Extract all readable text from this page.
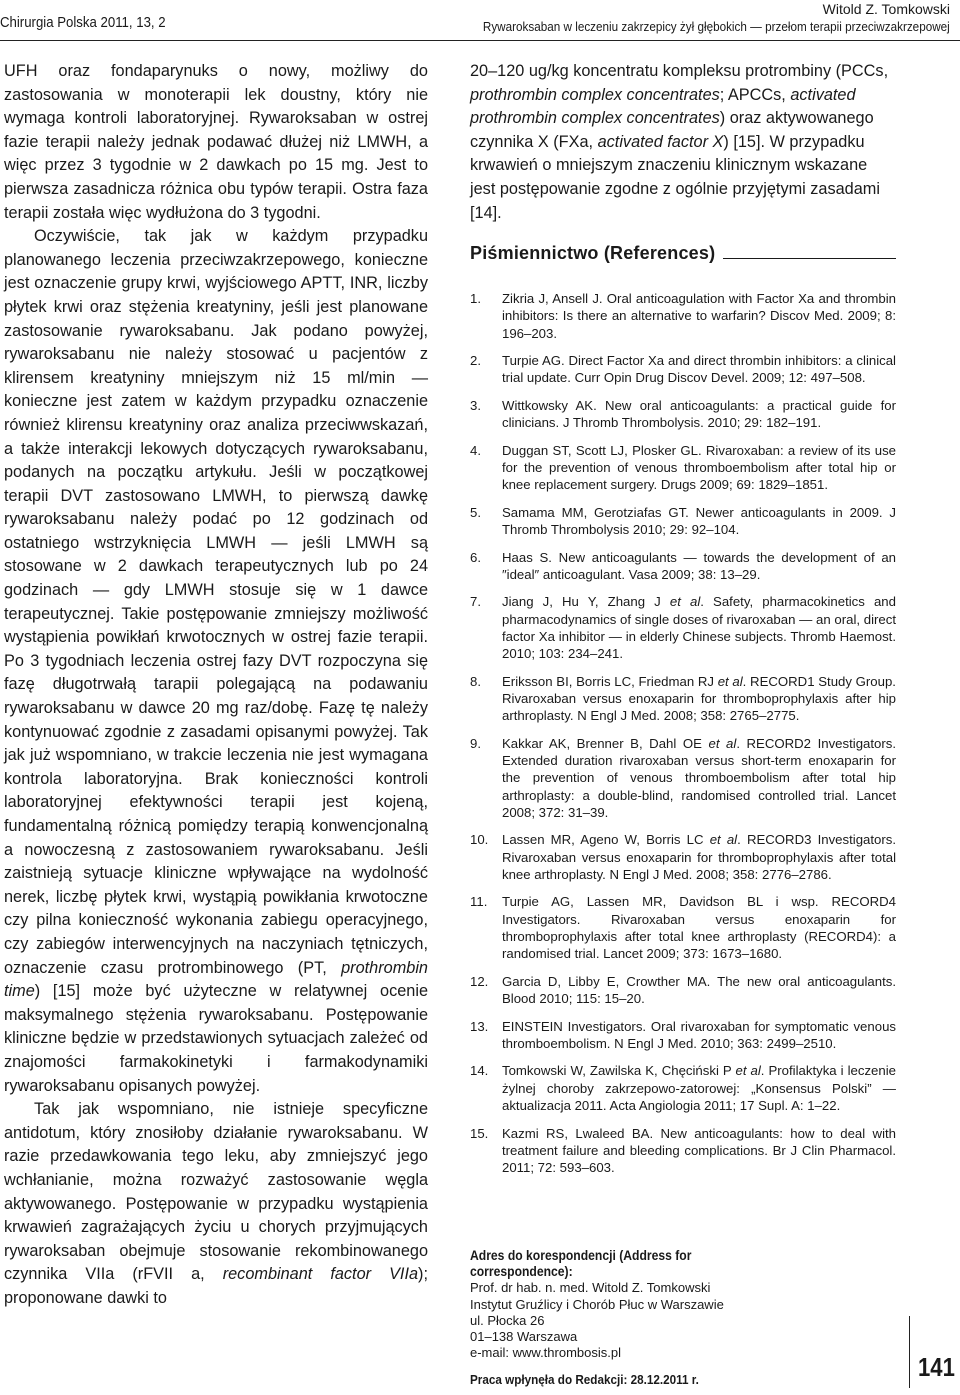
Chirurgia Polska 2011, 13, 2
Witold Z. Tomkowski

Rywaroksaban w leczeniu zakrzepicy żył głębokich — przełom terapii przeciwzakrzepowej

UFH oraz fondaparynuks o nowy, możliwy do zastosowania w monoterapii lek doustny, który nie wymaga kontroli laboratoryjnej. Rywaroksaban w ostrej fazie terapii należy jednak podawać dłużej niż LMWH, a więc przez 3 tygodnie w 2 dawkach po 15 mg. Jest to pierwsza zasadnicza różnica obu typów terapii. Ostra faza terapii została więc wydłużona do 3 tygodni.

Oczywiście, tak jak w każdym przypadku planowanego leczenia przeciwzakrzepowego, konieczne jest oznaczenie grupy krwi, wyjściowego APTT, INR, liczby płytek krwi oraz stężenia kreatyniny, jeśli jest planowane zastosowanie rywaroksabanu. Jak podano powyżej, rywaroksabanu nie należy stosować u pacjentów z klirensem kreatyniny mniejszym niż 15 ml/min — konieczne jest zatem w każdym przypadku oznaczenie również klirensu kreatyniny oraz analiza przeciwwskazań, a także interakcji lekowych dotyczących rywaroksabanu, podanych na początku artykułu. Jeśli w początkowej terapii DVT zastosowano LMWH, to pierwszą dawkę rywaroksabanu należy podać po 12 godzinach od ostatniego wstrzyknięcia LMWH — jeśli LMWH są stosowane w 2 dawkach terapeutycznych lub po 24 godzinach — gdy LMWH stosuje się w 1 dawce terapeutycznej. Takie postępowanie zmniejszy możliwość wystąpienia powikłań krwotocznych w ostrej fazie terapii. Po 3 tygodniach leczenia ostrej fazy DVT rozpoczyna się fazę długotrwałą tarapii polegającą na podawaniu rywaroksabanu w dawce 20 mg raz/dobę. Fazę tę należy kontynuować zgodnie z zasadami opisanymi powyżej. Tak jak już wspomniano, w trakcie leczenia nie jest wymagana kontrola laboratoryjna. Brak konieczności kontroli laboratoryjnej efektywności terapii jest kojeną, fundamentalną różnicą pomiędzy terapią konwencjonalną a nowoczesną z zastosowaniem rywaroksabanu. Jeśli zaistnieją sytuacje kliniczne wpływające na wydolność nerek, liczbę płytek krwi, wystąpią powikłania krwotoczne czy pilna konieczność wykonania zabiegu operacyjnego, czy zabiegów interwencyjnych na naczyniach tętniczych, oznaczenie czasu protrombinowego (PT, prothrombin time) [15] może być użyteczne w relatywnej ocenie maksymalnego stężenia rywaroksabanu. Postępowanie kliniczne będzie w przedstawionych sytuacjach zależeć od znajomości farmakokinetyki i farmakodynamiki rywaroksabanu opisanych powyżej.

Tak jak wspomniano, nie istnieje specyficzne antidotum, który znosiłoby działanie rywaroksabanu. W razie przedawkowania tego leku, aby zmniejszyć jego wchłanianie, można rozważyć zastosowanie węgla aktywowanego. Postępowanie w przypadku wystąpienia krwawień zagrażających życiu u chorych przyjmujących rywaroksaban obejmuje stosowanie rekombinowanego czynnika VIIa (rFVII a, recombinant factor VIIa); proponowane dawki to

20–120 ug/kg koncentratu kompleksu protrombiny (PCCs, prothrombin complex concentrates; APCCs, activated prothrombin complex concentrates) oraz aktywowanego czynnika X (FXa, activated factor X) [15]. W przypadku krwawień o mniejszym znaczeniu klinicznym wskazane jest postępowanie zgodne z ogólnie przyjętymi zasadami [14].

Piśmiennictwo (References)
1.	Zikria J, Ansell J. Oral anticoagulation with Factor Xa and thrombin inhibitors: Is there an alternative to warfarin? Discov Med. 2009; 8: 196–203.
2.	Turpie AG. Direct Factor Xa and direct thrombin inhibitors: a clinical trial update. Curr Opin Drug Discov Devel. 2009; 12: 497–508.
3.	Wittkowsky AK. New oral anticoagulants: a practical guide for clinicians. J Thromb Thrombolysis. 2010; 29: 182–191.
4.	Duggan ST, Scott LJ, Plosker GL. Rivaroxaban: a review of its use for the prevention of venous thromboembolism after total hip or knee replacement surgery. Drugs 2009; 69: 1829–1851.
5.	Samama MM, Gerotziafas GT. Newer anticoagulants in 2009. J Thromb Thrombolysis 2010; 29: 92–104.
6.	Haas S. New anticoagulants — towards the development of an ″ideal″ anticoagulant. Vasa 2009; 38: 13–29.
7.	Jiang J, Hu Y, Zhang J et al. Safety, pharmacokinetics and pharmacodynamics of single doses of rivaroxaban — an oral, direct factor Xa inhibitor — in elderly Chinese subjects. Thromb Haemost. 2010; 103: 234–241.
8.	Eriksson BI, Borris LC, Friedman RJ et al. RECORD1 Study Group. Rivaroxaban versus enoxaparin for thromboprophylaxis after hip arthroplasty. N Engl J Med. 2008; 358: 2765–2775.
9.	Kakkar AK, Brenner B, Dahl OE et al. RECORD2 Investigators. Extended duration rivaroxaban versus short-term enoxaparin for the prevention of venous thromboembolism after total hip arthroplasty: a double-blind, randomised controlled trial. Lancet 2008; 372: 31–39.
10.	Lassen MR, Ageno W, Borris LC et al. RECORD3 Investigators. Rivaroxaban versus enoxaparin for thromboprophylaxis after total knee arthroplasty. N Engl J Med. 2008; 358: 2776–2786.
11.	Turpie AG, Lassen MR, Davidson BL i wsp. RECORD4 Investigators. Rivaroxaban versus enoxaparin for thromboprophylaxis after total knee arthroplasty (RECORD4): a randomised trial. Lancet 2009; 373: 1673–1680.
12.	Garcia D, Libby E, Crowther MA. The new oral anticoagulants. Blood 2010; 115: 15–20.
13.	EINSTEIN Investigators. Oral rivaroxaban for symptomatic venous thromboembolism. N Engl J Med. 2010; 363: 2499–2510.
14.	Tomkowski W, Zawilska K, Chęciński P et al. Profilaktyka i leczenie żylnej choroby zakrzepowo-zatorowej: „Konsensus Polski” — aktualizacja 2011. Acta Angiologia 2011; 17 Supl. A: 1–22.
15.	Kazmi RS, Lwaleed BA. New anticoagulants: how to deal with treatment failure and bleeding complications. Br J Clin Pharmacol. 2011; 72: 593–603.
Adres do korespondencji (Address for correspondence):
Prof. dr hab. n. med. Witold Z. Tomkowski
Instytut Gruźlicy i Chorób Płuc w Warszawie
ul. Płocka 26
01–138 Warszawa
e-mail: www.thrombosis.pl
Praca wpłynęła do Redakcji: 28.12.2011 r.	141
